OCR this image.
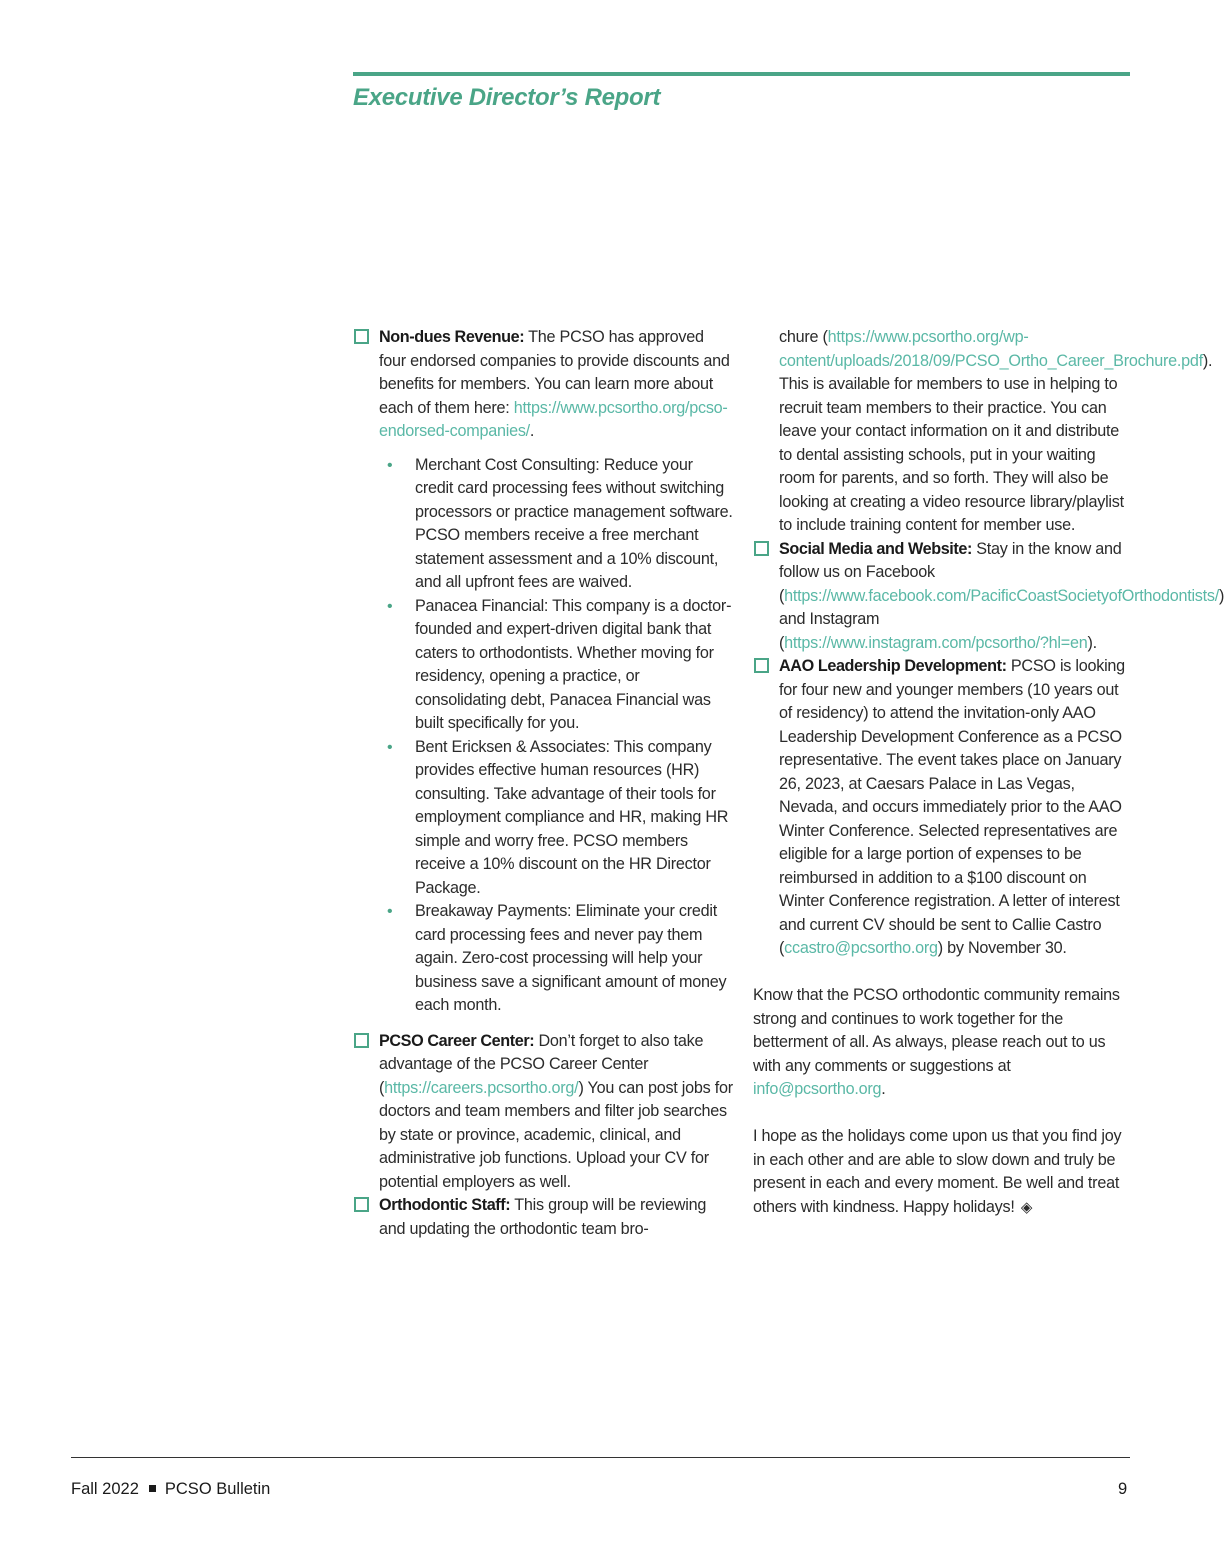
Executive Director’s Report
Non-dues Revenue: The PCSO has approved four endorsed companies to provide discounts and benefits for members. You can learn more about each of them here: https://www.pcsortho.org/pcso-endorsed-companies/.
• Merchant Cost Consulting: Reduce your credit card processing fees without switching processors or practice management software. PCSO members receive a free merchant statement assessment and a 10% discount, and all upfront fees are waived.
• Panacea Financial: This company is a doctor-founded and expert-driven digital bank that caters to orthodontists. Whether moving for residency, opening a practice, or consolidating debt, Panacea Financial was built specifically for you.
• Bent Ericksen & Associates: This company provides effective human resources (HR) consulting. Take advantage of their tools for employment compliance and HR, making HR simple and worry free. PCSO members receive a 10% discount on the HR Director Package.
• Breakaway Payments: Eliminate your credit card processing fees and never pay them again. Zero-cost processing will help your business save a significant amount of money each month.
PCSO Career Center: Don’t forget to also take advantage of the PCSO Career Center (https://careers.pcsortho.org/) You can post jobs for doctors and team members and filter job searches by state or province, academic, clinical, and administrative job functions. Upload your CV for potential employers as well.
Orthodontic Staff: This group will be reviewing and updating the orthodontic team bro-
chure (https://www.pcsortho.org/wp-content/uploads/2018/09/PCSO_Ortho_Career_Brochure.pdf). This is available for members to use in helping to recruit team members to their practice. You can leave your contact information on it and distribute to dental assisting schools, put in your waiting room for parents, and so forth. They will also be looking at creating a video resource library/playlist to include training content for member use.
Social Media and Website: Stay in the know and follow us on Facebook (https://www.facebook.com/PacificCoastSocietyofOrthodontists/) and Instagram (https://www.instagram.com/pcsortho/?hl=en).
AAO Leadership Development: PCSO is looking for four new and younger members (10 years out of residency) to attend the invitation-only AAO Leadership Development Conference as a PCSO representative. The event takes place on January 26, 2023, at Caesars Palace in Las Vegas, Nevada, and occurs immediately prior to the AAO Winter Conference. Selected representatives are eligible for a large portion of expenses to be reimbursed in addition to a $100 discount on Winter Conference registration. A letter of interest and current CV should be sent to Callie Castro (ccastro@pcsortho.org) by November 30.

Know that the PCSO orthodontic community remains strong and continues to work together for the betterment of all. As always, please reach out to us with any comments or suggestions at info@pcsortho.org.

I hope as the holidays come upon us that you find joy in each other and are able to slow down and truly be present in each and every moment. Be well and treat others with kindness. Happy holidays! ◈

Fall 2022 PCSO Bulletin	9
